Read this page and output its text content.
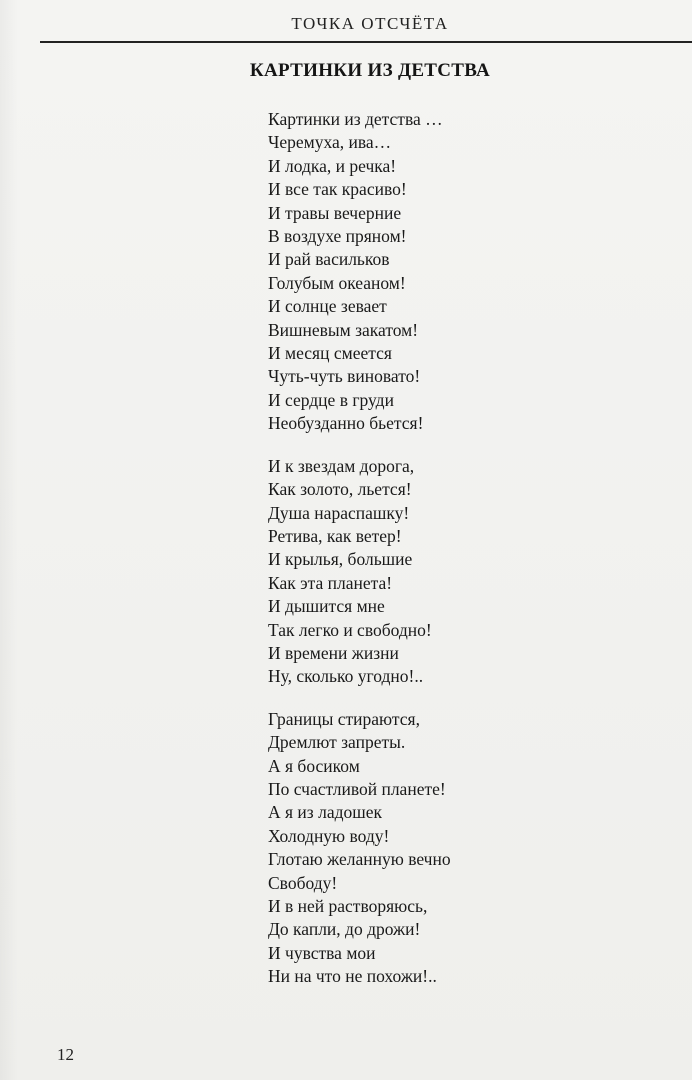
ТОЧКА ОТСЧЁТА
КАРТИНКИ ИЗ ДЕТСТВА
Картинки из детства …
Черемуха, ива…
И лодка, и речка!
И все так красиво!
И травы вечерние
В воздухе пряном!
И рай васильков
Голубым океаном!
И солнце зевает
Вишневым закатом!
И месяц смеется
Чуть-чуть виновато!
И сердце в груди
Необузданно бьется!
И к звездам дорога,
Как золото, льется!
Душа нараспашку!
Ретива, как ветер!
И крылья, большие
Как эта планета!
И дышится мне
Так легко и свободно!
И времени жизни
Ну, сколько угодно!..
Границы стираются,
Дремлют запреты.
А я босиком
По счастливой планете!
А я из ладошек
Холодную воду!
Глотаю желанную вечно
Свободу!
И в ней растворяюсь,
До капли, до дрожи!
И чувства мои
Ни на что не похожи!..
12
